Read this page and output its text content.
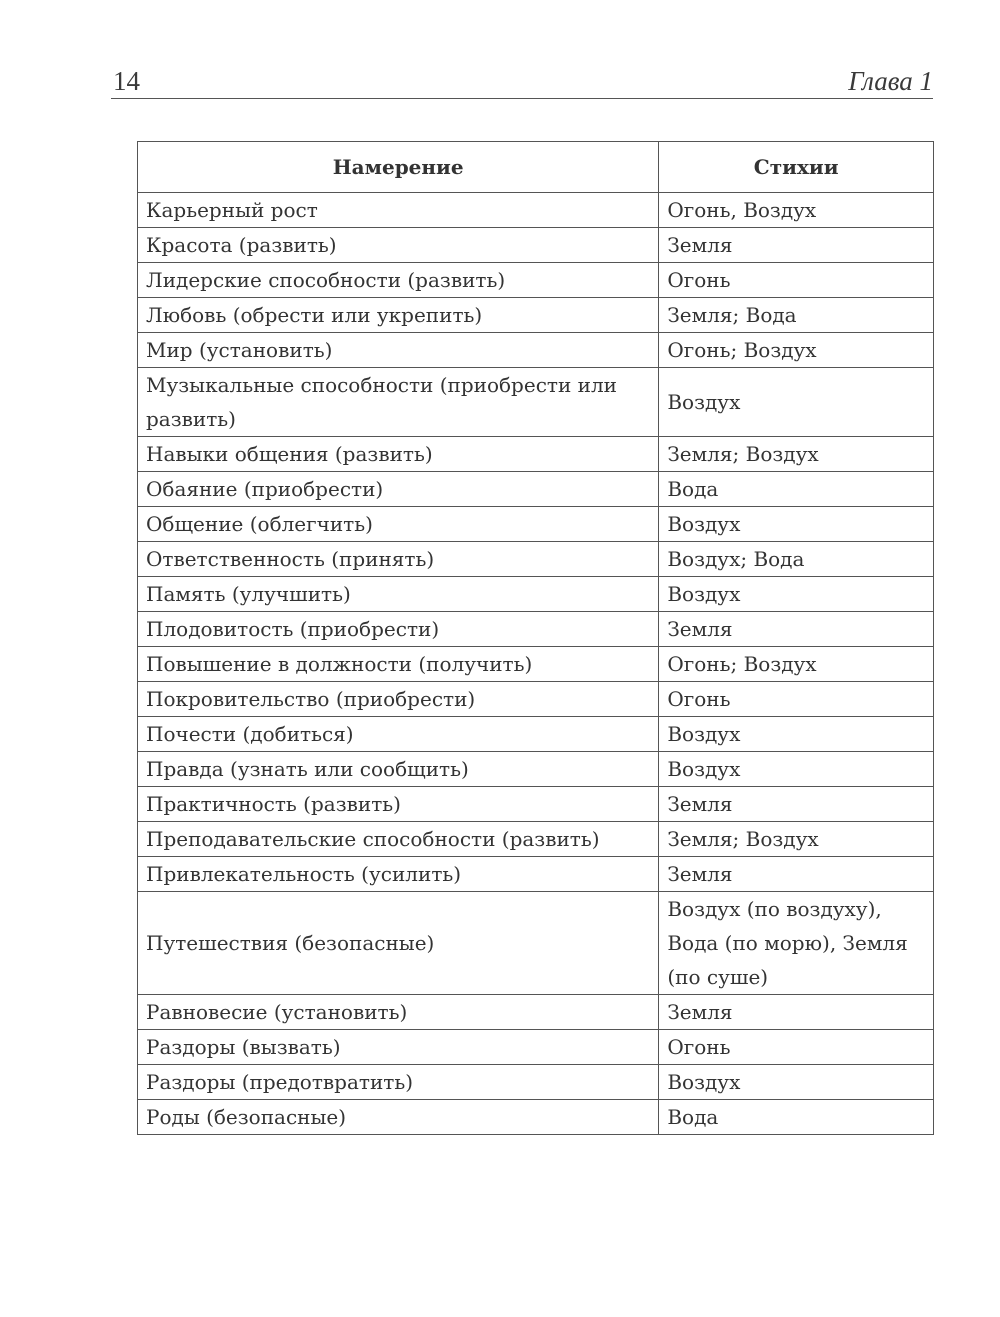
14	Глава 1
Намерение	Стихии
Карьерный рост	Огонь, Воздух
Красота (развить)	Земля
Лидерские способности (развить)	Огонь
Любовь (обрести или укрепить)	Земля; Вода
Мир (установить)	Огонь; Воздух
Музыкальные способности (приобрести или развить)	Воздух
Навыки общения (развить)	Земля; Воздух
Обаяние (приобрести)	Вода
Общение (облегчить)	Воздух
Ответственность (принять)	Воздух; Вода
Память (улучшить)	Воздух
Плодовитость (приобрести)	Земля
Повышение в должности (получить)	Огонь; Воздух
Покровительство (приобрести)	Огонь
Почести (добиться)	Воздух
Правда (узнать или сообщить)	Воздух
Практичность (развить)	Земля
Преподавательские способности (развить)	Земля; Воздух
Привлекательность (усилить)	Земля
Путешествия (безопасные)	Воздух (по воздуху), Вода (по морю), Земля (по суше)
Равновесие (установить)	Земля
Раздоры (вызвать)	Огонь
Раздоры (предотвратить)	Воздух
Роды (безопасные)	Вода
